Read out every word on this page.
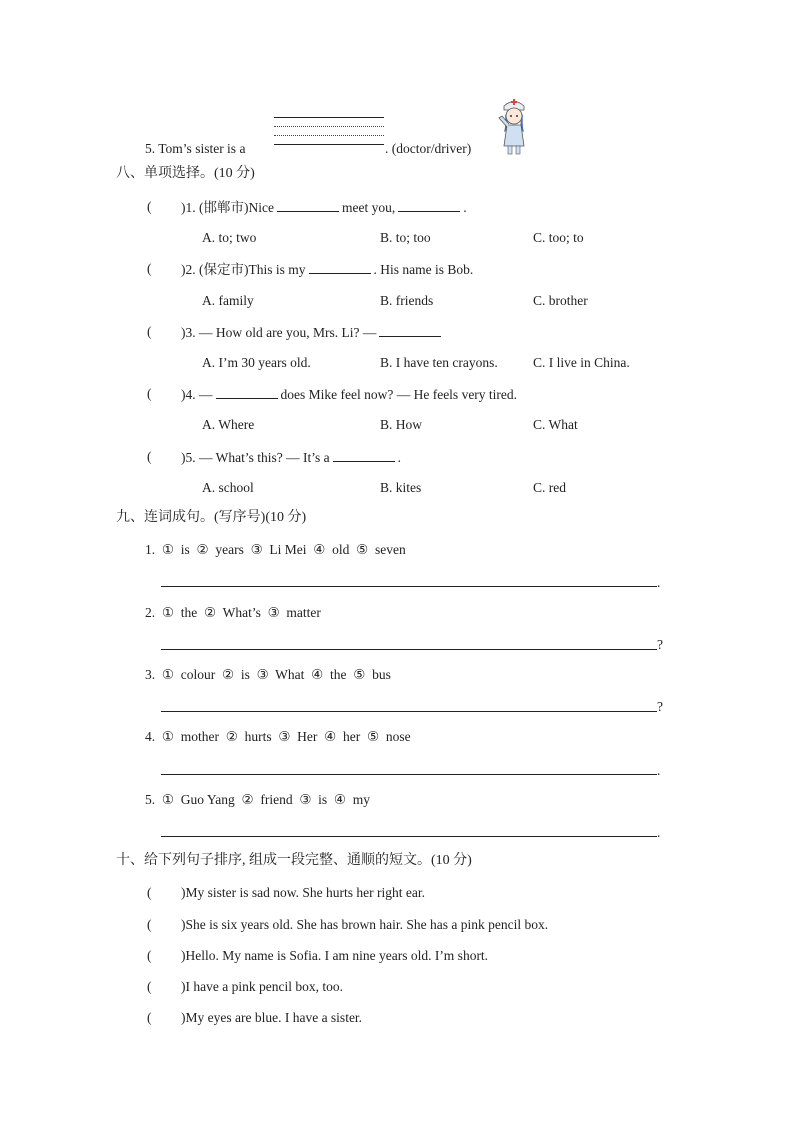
5. Tom’s sister is a	. (doctor/driver)
八、单项选择。(10 分)
( )1. (邯郸市)Nice	meet you,	.
A. to; two	B. to; too	C. too; to
( )2. (保定市)This is my	. His name is Bob.
A. family	B. friends	C. brother
( )3. — How old are you, Mrs. Li? —
A. I’m 30 years old.	B. I have ten crayons.	C. I live in China.
( )4. —	does Mike feel now? — He feels very tired.
A. Where	B. How	C. What
( )5. — What’s this? — It’s a	.
A. school	B. kites	C. red
九、连词成句。(写序号)(10 分)
1.  ①  is  ②  years  ③  Li Mei  ④  old  ⑤  seven
.
2.  ①  the  ②  What’s  ③  matter
?
3.  ①  colour  ②  is  ③  What  ④  the  ⑤  bus
?
4.  ①  mother  ②  hurts  ③  Her  ④  her  ⑤  nose
.
5.  ①  Guo Yang  ②  friend  ③  is  ④  my
.
十、给下列句子排序, 组成一段完整、通顺的短文。(10 分)
( )My sister is sad now. She hurts her right ear.
( )She is six years old. She has brown hair. She has a pink pencil box.
( )Hello. My name is Sofia. I am nine years old. I’m short.
( )I have a pink pencil box, too.
( )My eyes are blue. I have a sister.
